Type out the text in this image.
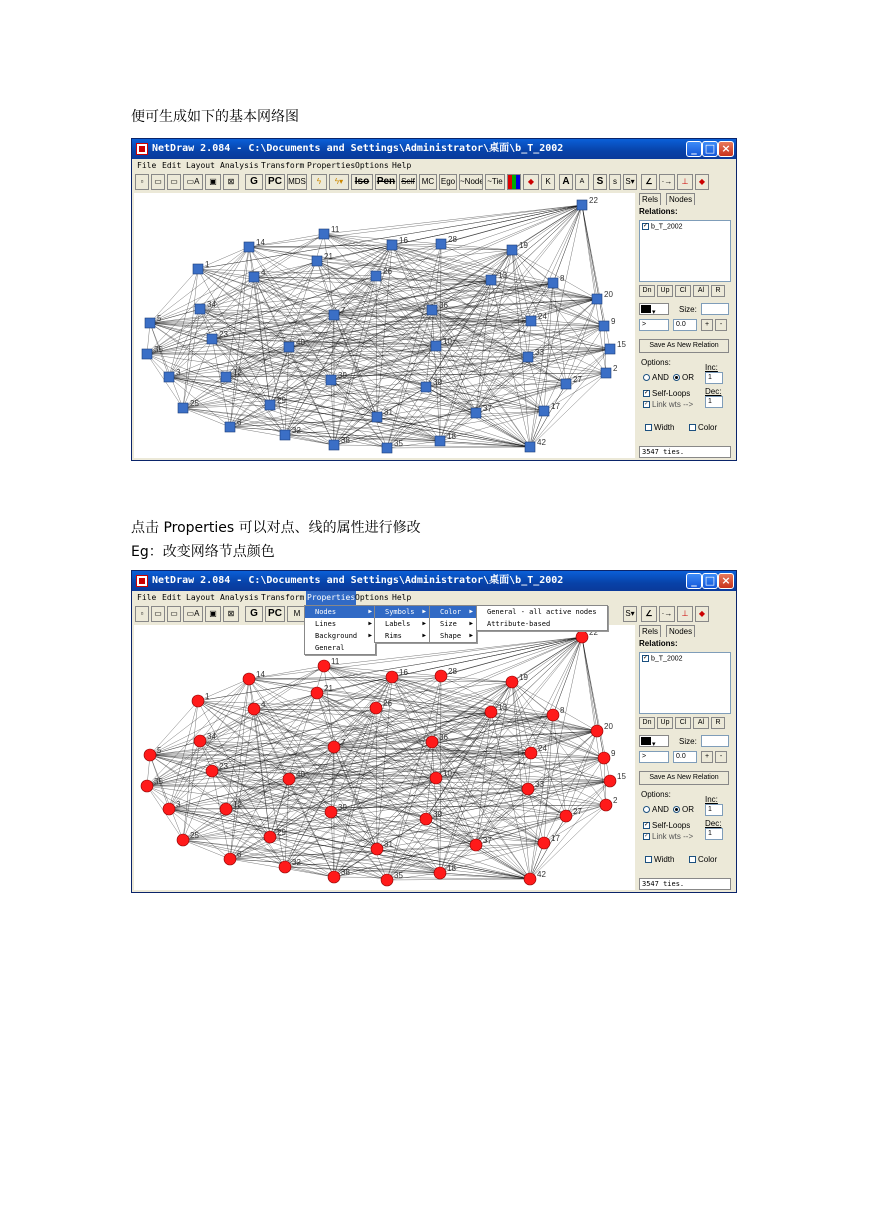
便可生成如下的基本网络图
NetDraw 2.084 - C:\Documents and Settings\Administrator\桌面\b_T_2002	_ □ ×
File Edit Layout Analysis Transform Properties Options Help
▫	▭	▭	▭A	▣	⊠	G	PC MDS	ϟ	ϟ▾	Iso Pen Self MC Ego ~Node ~Tie	◆	K	A	A	S	s	S▾	∠	·→	⊥	◆
22
11
14	16	28
19
21
1
4	26	13	8
34
20
7
36
5	24
9
23
40	10
35	33
15
3	12	39
30
2
27
25	29
37
31
17
6
32
38	35
18
42
Rels	Nodes
Relations:
✓ b_T_2002
Dn	Up	Cl	Al	R
▾	Size:
>	0.0	+	-
Save As New Relation
Options:
Inc:
AND	OR	1
✓ Self-Loops Dec:
✓ Link wts -->	1
Width	Color
3547 ties.
点击 Properties 可以对点、线的属性进行修改
Eg：改变网络节点颜色
NetDraw 2.084 - C:\Documents and Settings\Administrator\桌面\b_T_2002	_ □ ×
File Edit Layout Analysis Transform Properties Options Help
▫	▭	▭	▭A	▣	⊠	G	PC	M	S▾	∠	·→	⊥	◆
22
11
14	16	28
19
21
1
4	26	13	8
34
20
7
36
5	24
9
23
40	10
35	33
15
3	12	39
30
2
27
25	29
37
31
17
6
32
38	35
18
42
Rels	Nodes
Relations:
✓ b_T_2002
Dn	Up	Cl	Al	R
▾	Size:
>	0.0	+	-
Save As New Relation
Options:
Inc:
AND	OR	1
✓ Self-Loops Dec:
✓ Link wts -->	1
Width	Color
3547 ties.
Nodes	▶
Lines	▶
Background ▶
General
Symbols ▶
Labels ▶
Rims	▶
Color ▶
Size ▶
Shape ▶
General - all active nodes
Attribute-based
